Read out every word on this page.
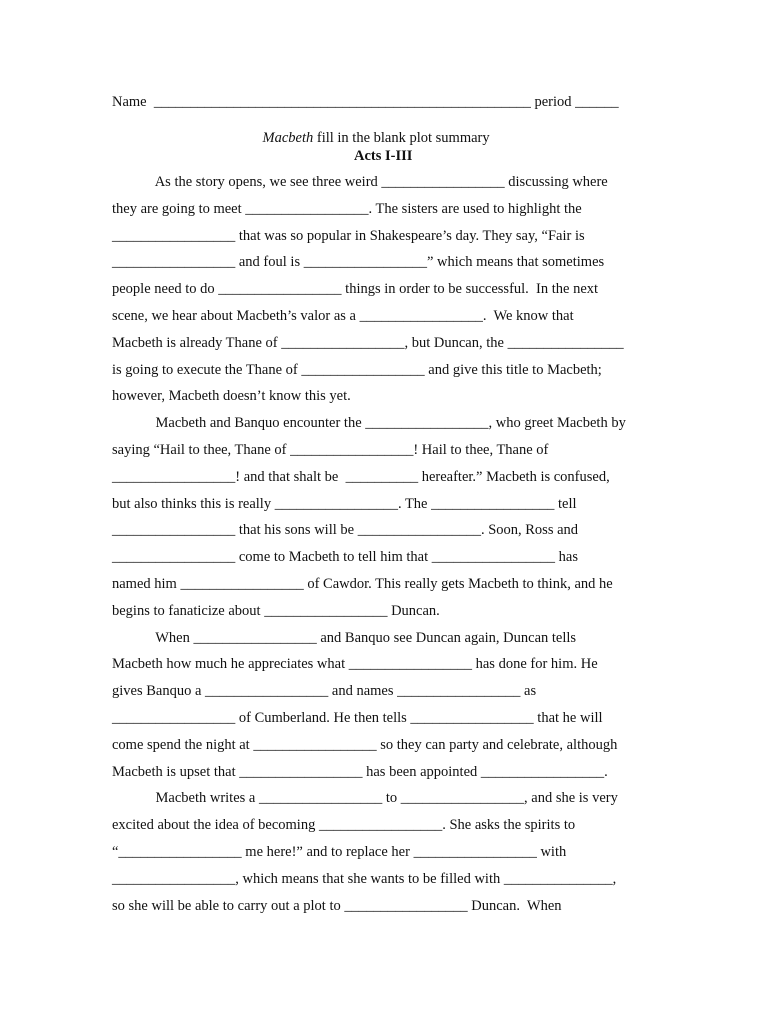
Name  ____________________________________________________ period ______

Macbeth fill in the blank plot summary

Acts I-III
As the story opens, we see three weird _________________ discussing where
they are going to meet _________________. The sisters are used to highlight the
_________________ that was so popular in Shakespeare’s day. They say, “Fair is
_________________ and foul is _________________” which means that sometimes
people need to do _________________ things in order to be successful.  In the next
scene, we hear about Macbeth’s valor as a _________________.  We know that
Macbeth is already Thane of _________________, but Duncan, the ________________
is going to execute the Thane of _________________ and give this title to Macbeth;
however, Macbeth doesn’t know this yet.
Macbeth and Banquo encounter the _________________, who greet Macbeth by
saying “Hail to thee, Thane of _________________! Hail to thee, Thane of
_________________! and that shalt be  __________ hereafter.” Macbeth is confused,
but also thinks this is really _________________. The _________________ tell
_________________ that his sons will be _________________. Soon, Ross and
_________________ come to Macbeth to tell him that _________________ has
named him _________________ of Cawdor. This really gets Macbeth to think, and he
begins to fanaticize about _________________ Duncan.
When _________________ and Banquo see Duncan again, Duncan tells
Macbeth how much he appreciates what _________________ has done for him. He
gives Banquo a _________________ and names _________________ as
_________________ of Cumberland. He then tells _________________ that he will
come spend the night at _________________ so they can party and celebrate, although
Macbeth is upset that _________________ has been appointed _________________.
Macbeth writes a _________________ to _________________, and she is very
excited about the idea of becoming _________________. She asks the spirits to
“_________________ me here!” and to replace her _________________ with
_________________, which means that she wants to be filled with _______________,
so she will be able to carry out a plot to _________________ Duncan.  When
